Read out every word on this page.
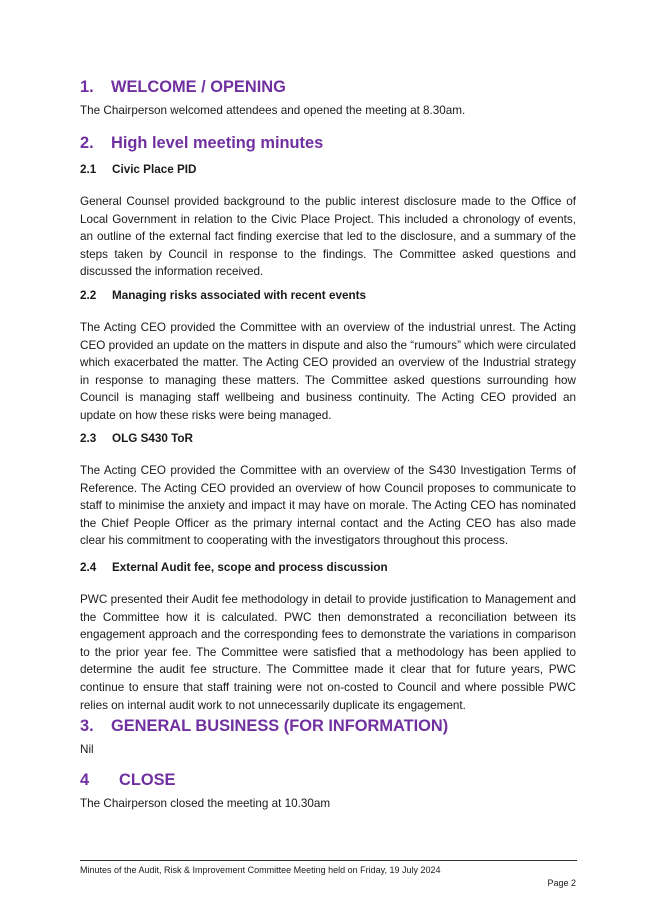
1. WELCOME / OPENING

The Chairperson welcomed attendees and opened the meeting at 8.30am.

2. High level meeting minutes
2.1 Civic Place PID

General Counsel provided background to the public interest disclosure made to the Office of Local Government in relation to the Civic Place Project. This included a chronology of events, an outline of the external fact finding exercise that led to the disclosure, and a summary of the steps taken by Council in response to the findings. The Committee asked questions and discussed the information received.

2.2 Managing risks associated with recent events

The Acting CEO provided the Committee with an overview of the industrial unrest. The Acting CEO provided an update on the matters in dispute and also the “rumours” which were circulated which exacerbated the matter. The Acting CEO provided an overview of the Industrial strategy in response to managing these matters. The Committee asked questions surrounding how Council is managing staff wellbeing and business continuity. The Acting CEO provided an update on how these risks were being managed.

2.3 OLG S430 ToR

The Acting CEO provided the Committee with an overview of the S430 Investigation Terms of Reference. The Acting CEO provided an overview of how Council proposes to communicate to staff to minimise the anxiety and impact it may have on morale. The Acting CEO has nominated the Chief People Officer as the primary internal contact and the Acting CEO has also made clear his commitment to cooperating with the investigators throughout this process.

2.4 External Audit fee, scope and process discussion

PWC presented their Audit fee methodology in detail to provide justification to Management and the Committee how it is calculated. PWC then demonstrated a reconciliation between its engagement approach and the corresponding fees to demonstrate the variations in comparison to the prior year fee. The Committee were satisfied that a methodology has been applied to determine the audit fee structure. The Committee made it clear that for future years, PWC continue to ensure that staff training were not on-costed to Council and where possible PWC relies on internal audit work to not unnecessarily duplicate its engagement.

3. GENERAL BUSINESS (FOR INFORMATION)

Nil

4 CLOSE

The Chairperson closed the meeting at 10.30am

Minutes of the Audit, Risk & Improvement Committee Meeting held on Friday, 19 July 2024
Page 2
